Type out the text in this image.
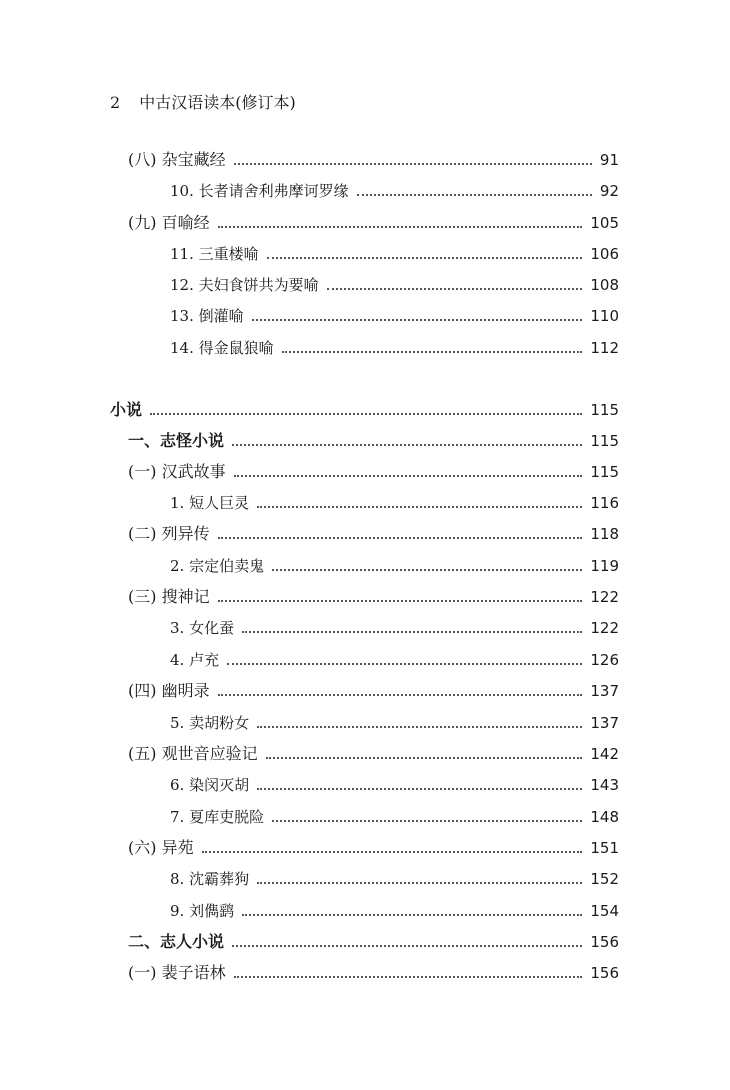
2 中古汉语读本(修订本)
(八) 杂宝藏经	91
10. 长者请舍利弗摩诃罗缘	92
(九) 百喻经	105
11. 三重楼喻	106
12. 夫妇食饼共为要喻	108
13. 倒灌喻	110
14. 得金鼠狼喻	112
小说	115
一、志怪小说	115
(一) 汉武故事	115
1. 短人巨灵	116
(二) 列异传	118
2. 宗定伯卖鬼	119
(三) 搜神记	122
3. 女化蚕	122
4. 卢充	126
(四) 幽明录	137
5. 卖胡粉女	137
(五) 观世音应验记	142
6. 染闵灭胡	143
7. 夏库吏脱险	148
(六) 异苑	151
8. 沈霸葬狗	152
9. 刘儁鹞	154
二、志人小说	156
(一) 裴子语林	156
